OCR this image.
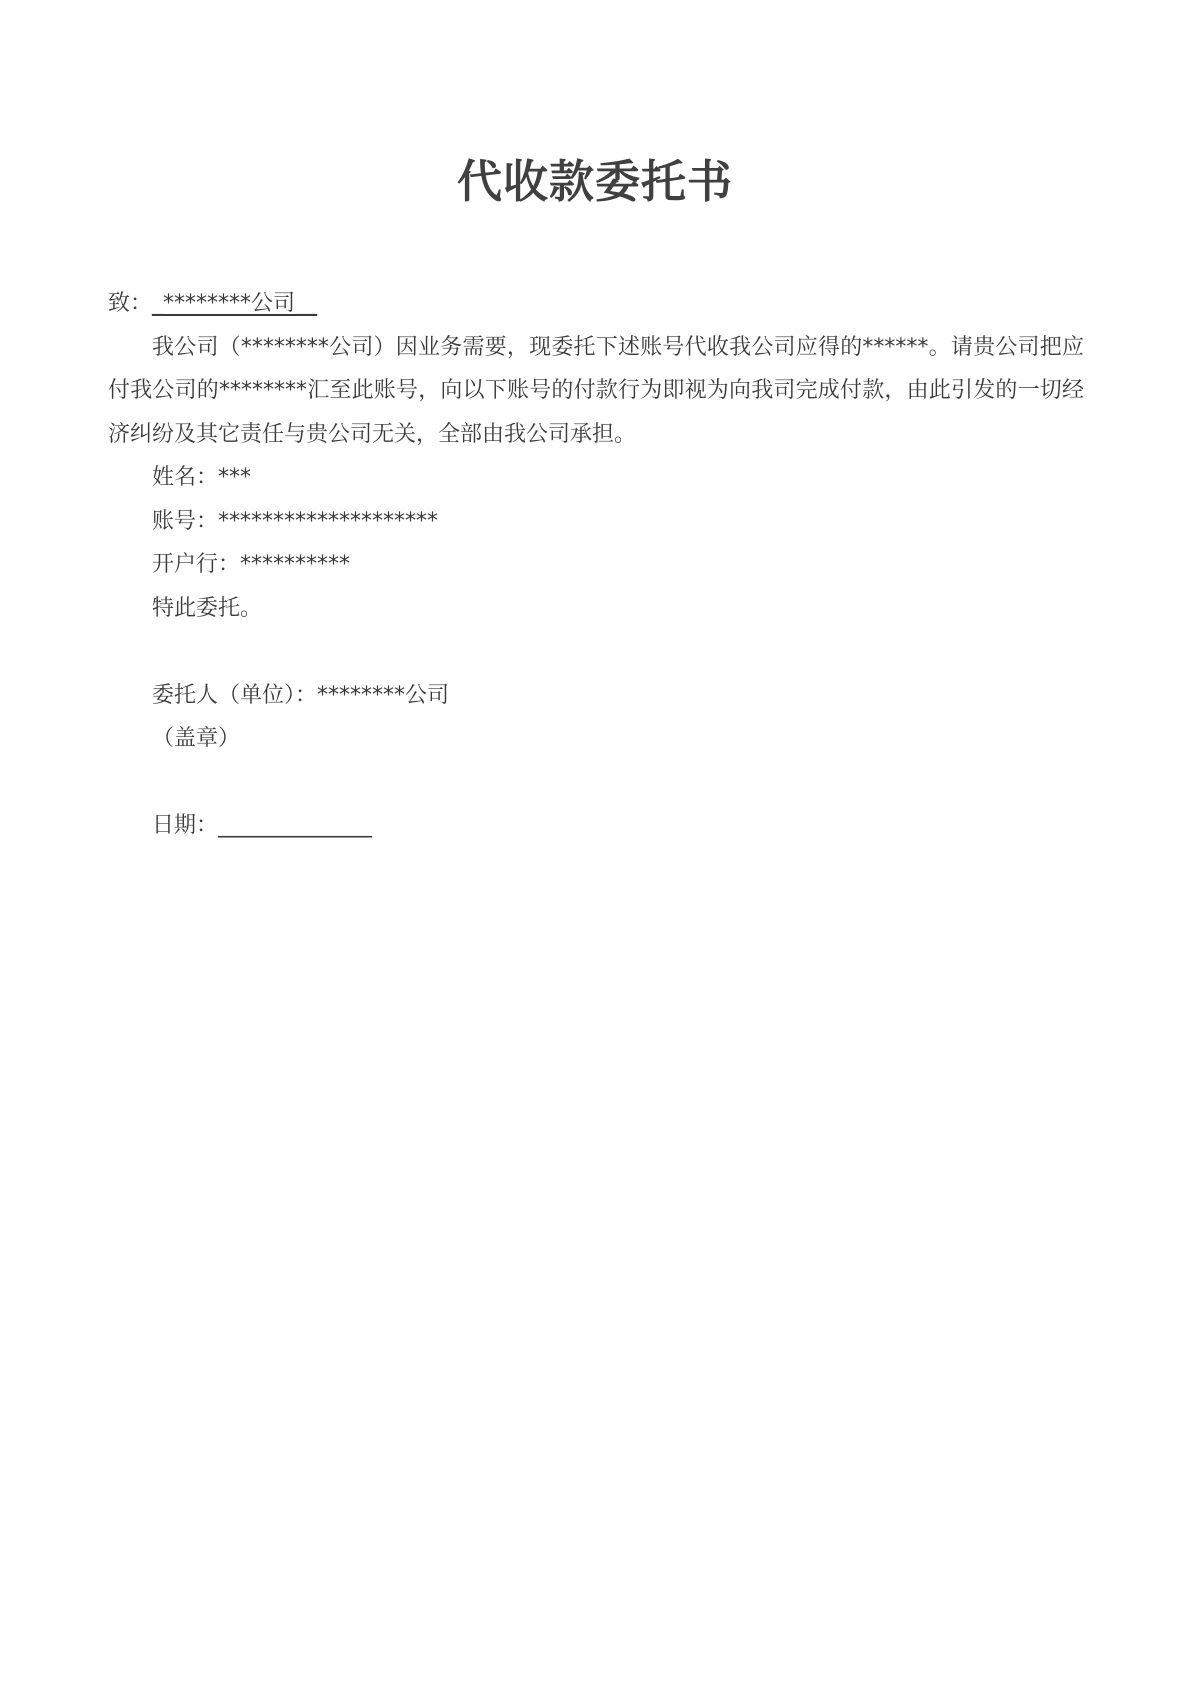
代收款委托书
致：_********公司__
我公司（********公司）因业务需要，现委托下述账号代收我公司应得的******。请贵公司把应付我公司的********汇至此账号，向以下账号的付款行为即视为向我司完成付款，由此引发的一切经济纠纷及其它责任与贵公司无关，全部由我公司承担。
姓名：***
账号：********************
开户行：**********
特此委托。
委托人（单位）：********公司
（盖章）
日期：______________
